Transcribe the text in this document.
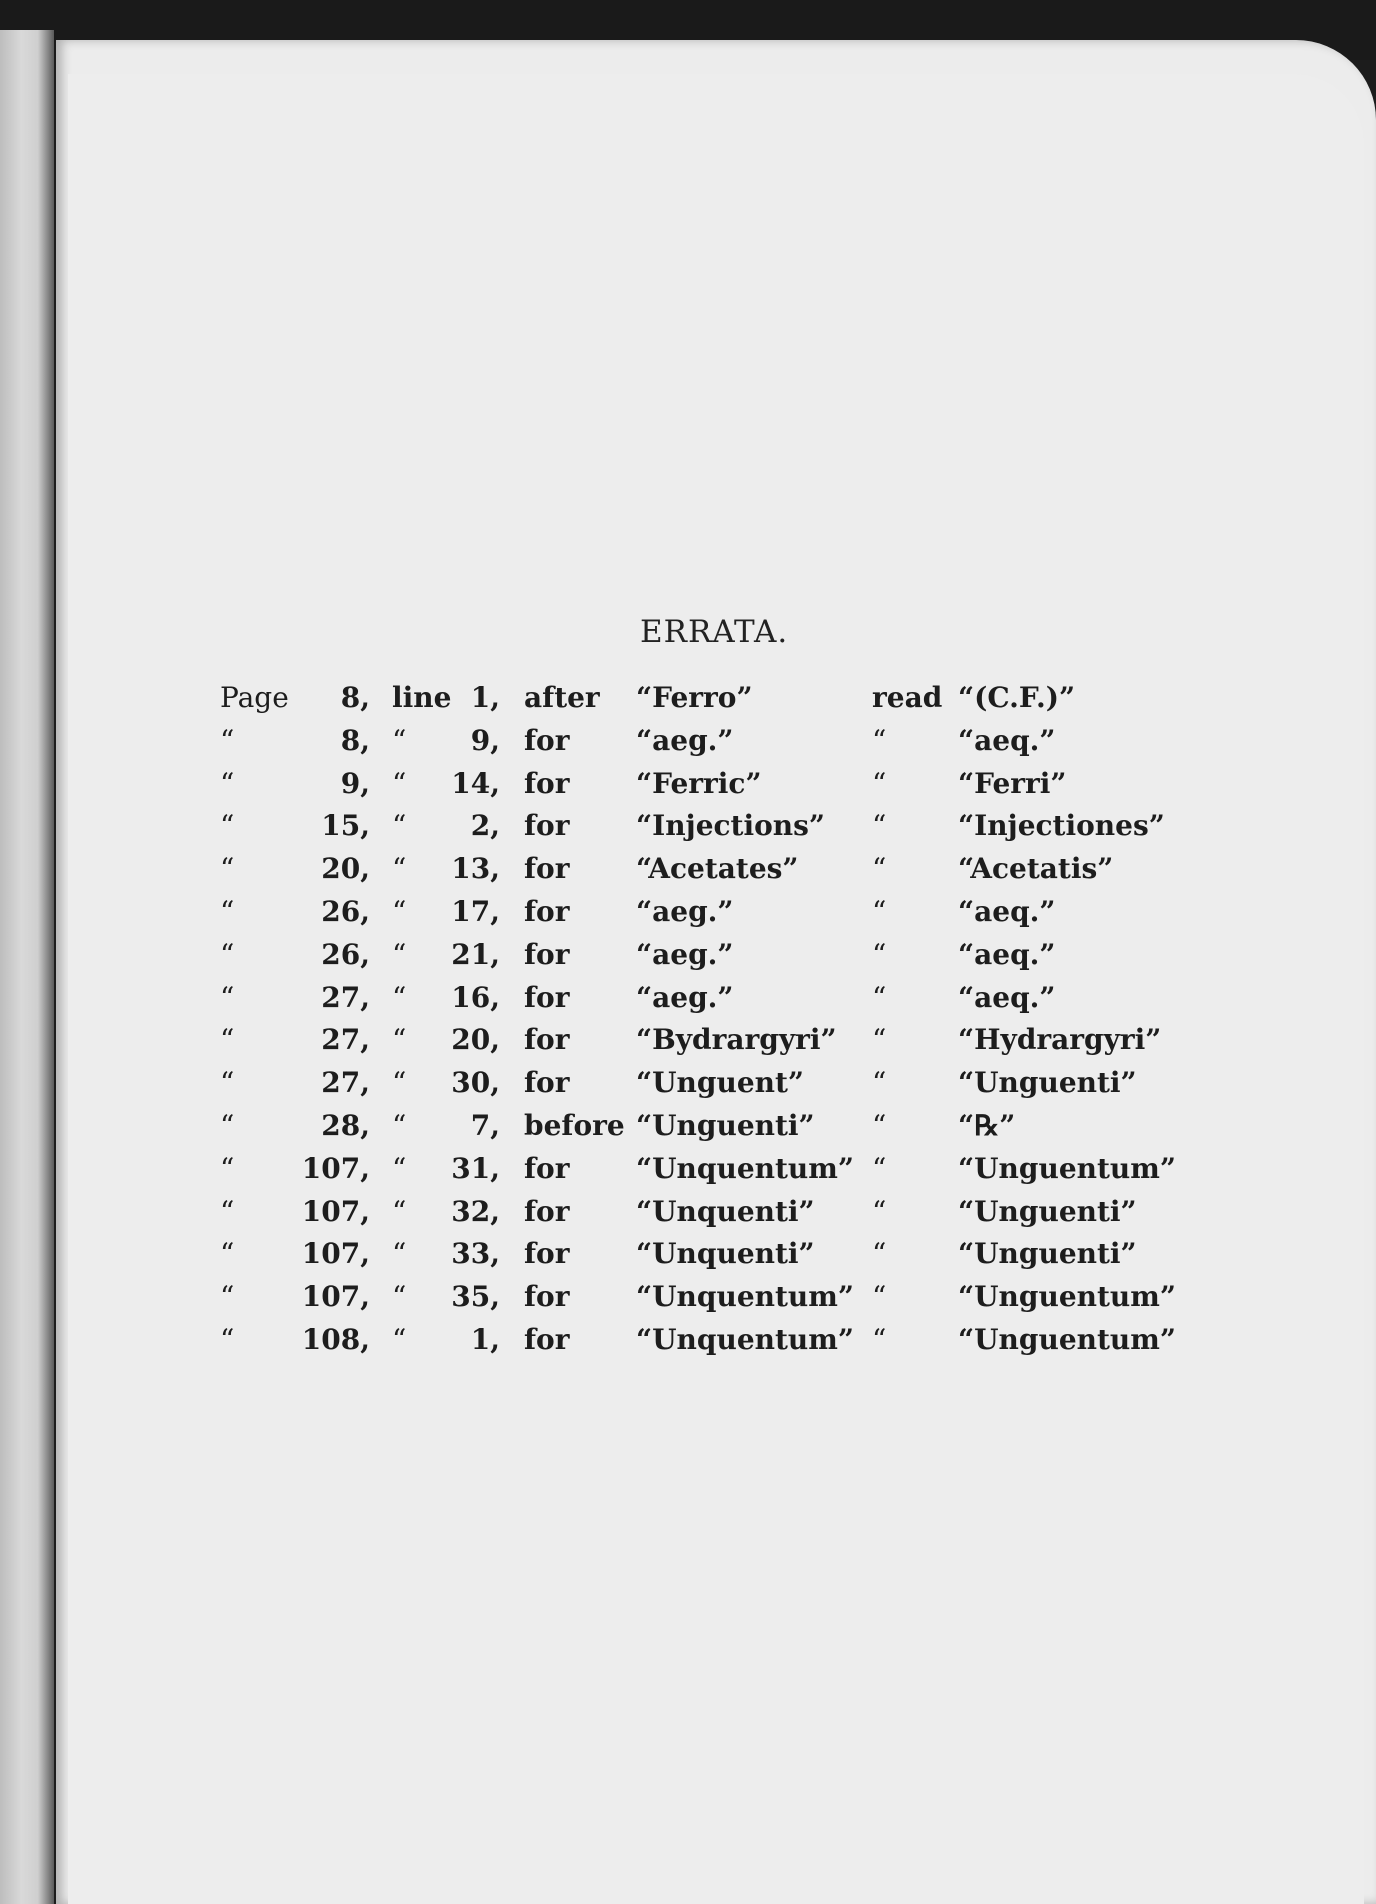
ERRATA.
Page	8, line 1, after “Ferro”	read “(C.F.)”
“	8, “	9, for “aeg.”	“	“aeq.”
“	9, “	14, for “Ferric”	“	“Ferri”
“	15, “	2, for “Injections” “	“Injectiones”
“	20, “	13, for “Acetates”	“	“Acetatis”
“	26, “	17, for “aeg.”	“	“aeq.”
“	26, “	21, for “aeg.”	“	“aeq.”
“	27, “	16, for “aeg.”	“	“aeq.”
“	27, “	20, for “Bydrargyri” “	“Hydrargyri”
“	27, “	30, for “Unguent” “	“Unguenti”
“	28, “	7, before “Unguenti” “	“℞”
“	107, “	31, for “Unquentum” “	“Unguentum”
“	107, “	32, for “Unquenti” “	“Unguenti”
“	107, “	33, for “Unquenti” “	“Unguenti”
“	107, “	35, for “Unquentum” “	“Unguentum”
“	108, “	1, for “Unquentum” “	“Unguentum”
